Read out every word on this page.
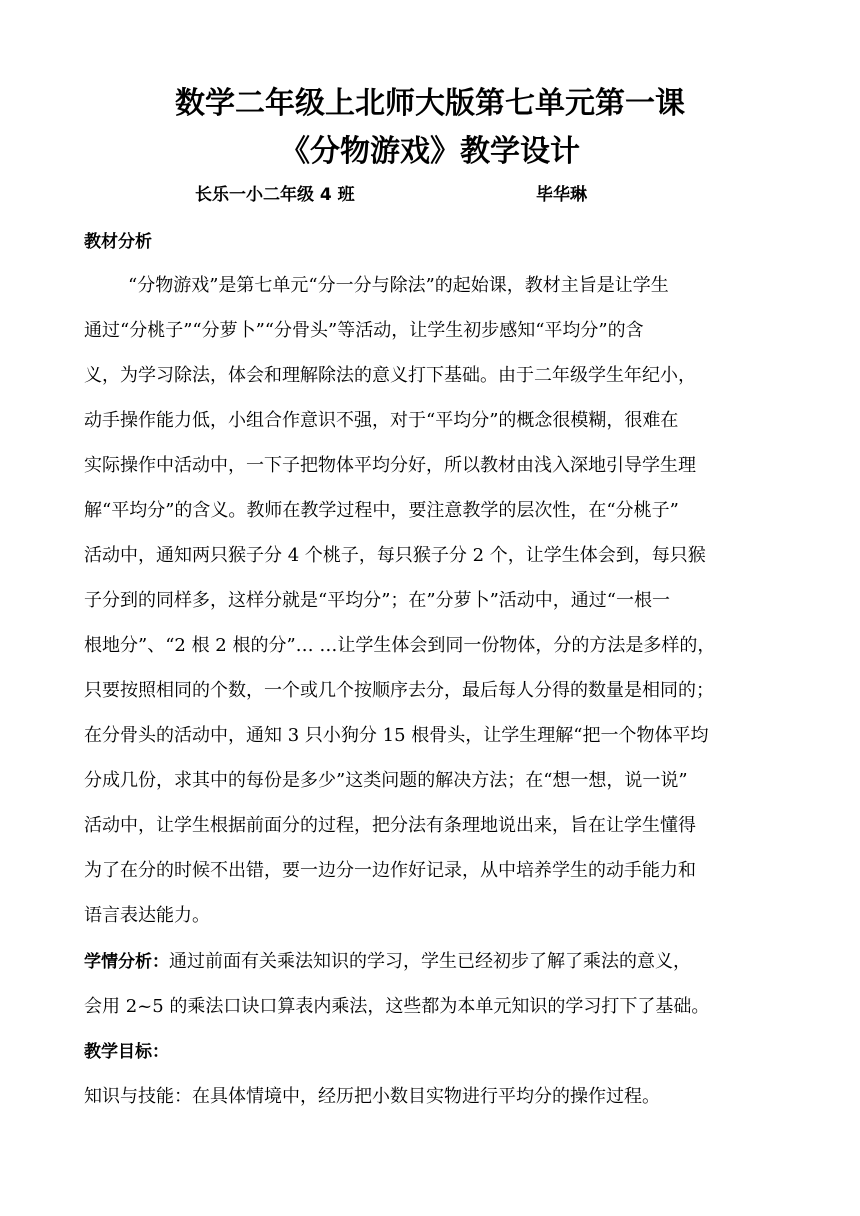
数学二年级上北师大版第七单元第一课
《分物游戏》教学设计
长乐一小二年级 4 班	毕华琳
教材分析
“分物游戏”是第七单元“分一分与除法”的起始课，教材主旨是让学生
通过“分桃子”“分萝卜”“分骨头”等活动，让学生初步感知“平均分”的含
义，为学习除法，体会和理解除法的意义打下基础。由于二年级学生年纪小，
动手操作能力低，小组合作意识不强，对于“平均分”的概念很模糊，很难在
实际操作中活动中，一下子把物体平均分好，所以教材由浅入深地引导学生理
解“平均分”的含义。教师在教学过程中，要注意教学的层次性，在“分桃子”
活动中，通知两只猴子分 4 个桃子，每只猴子分 2 个，让学生体会到，每只猴
子分到的同样多，这样分就是“平均分”；在”分萝卜”活动中，通过“一根一
根地分”、“2 根 2 根的分”… …让学生体会到同一份物体，分的方法是多样的，
只要按照相同的个数，一个或几个按顺序去分，最后每人分得的数量是相同的；
在分骨头的活动中，通知 3 只小狗分 15 根骨头，让学生理解“把一个物体平均
分成几份，求其中的每份是多少”这类问题的解决方法；在“想一想，说一说”
活动中，让学生根据前面分的过程，把分法有条理地说出来，旨在让学生懂得
为了在分的时候不出错，要一边分一边作好记录，从中培养学生的动手能力和
语言表达能力。
学情分析：通过前面有关乘法知识的学习，学生已经初步了解了乘法的意义，
会用 2~5 的乘法口诀口算表内乘法，这些都为本单元知识的学习打下了基础。
教学目标：
知识与技能：在具体情境中，经历把小数目实物进行平均分的操作过程。
